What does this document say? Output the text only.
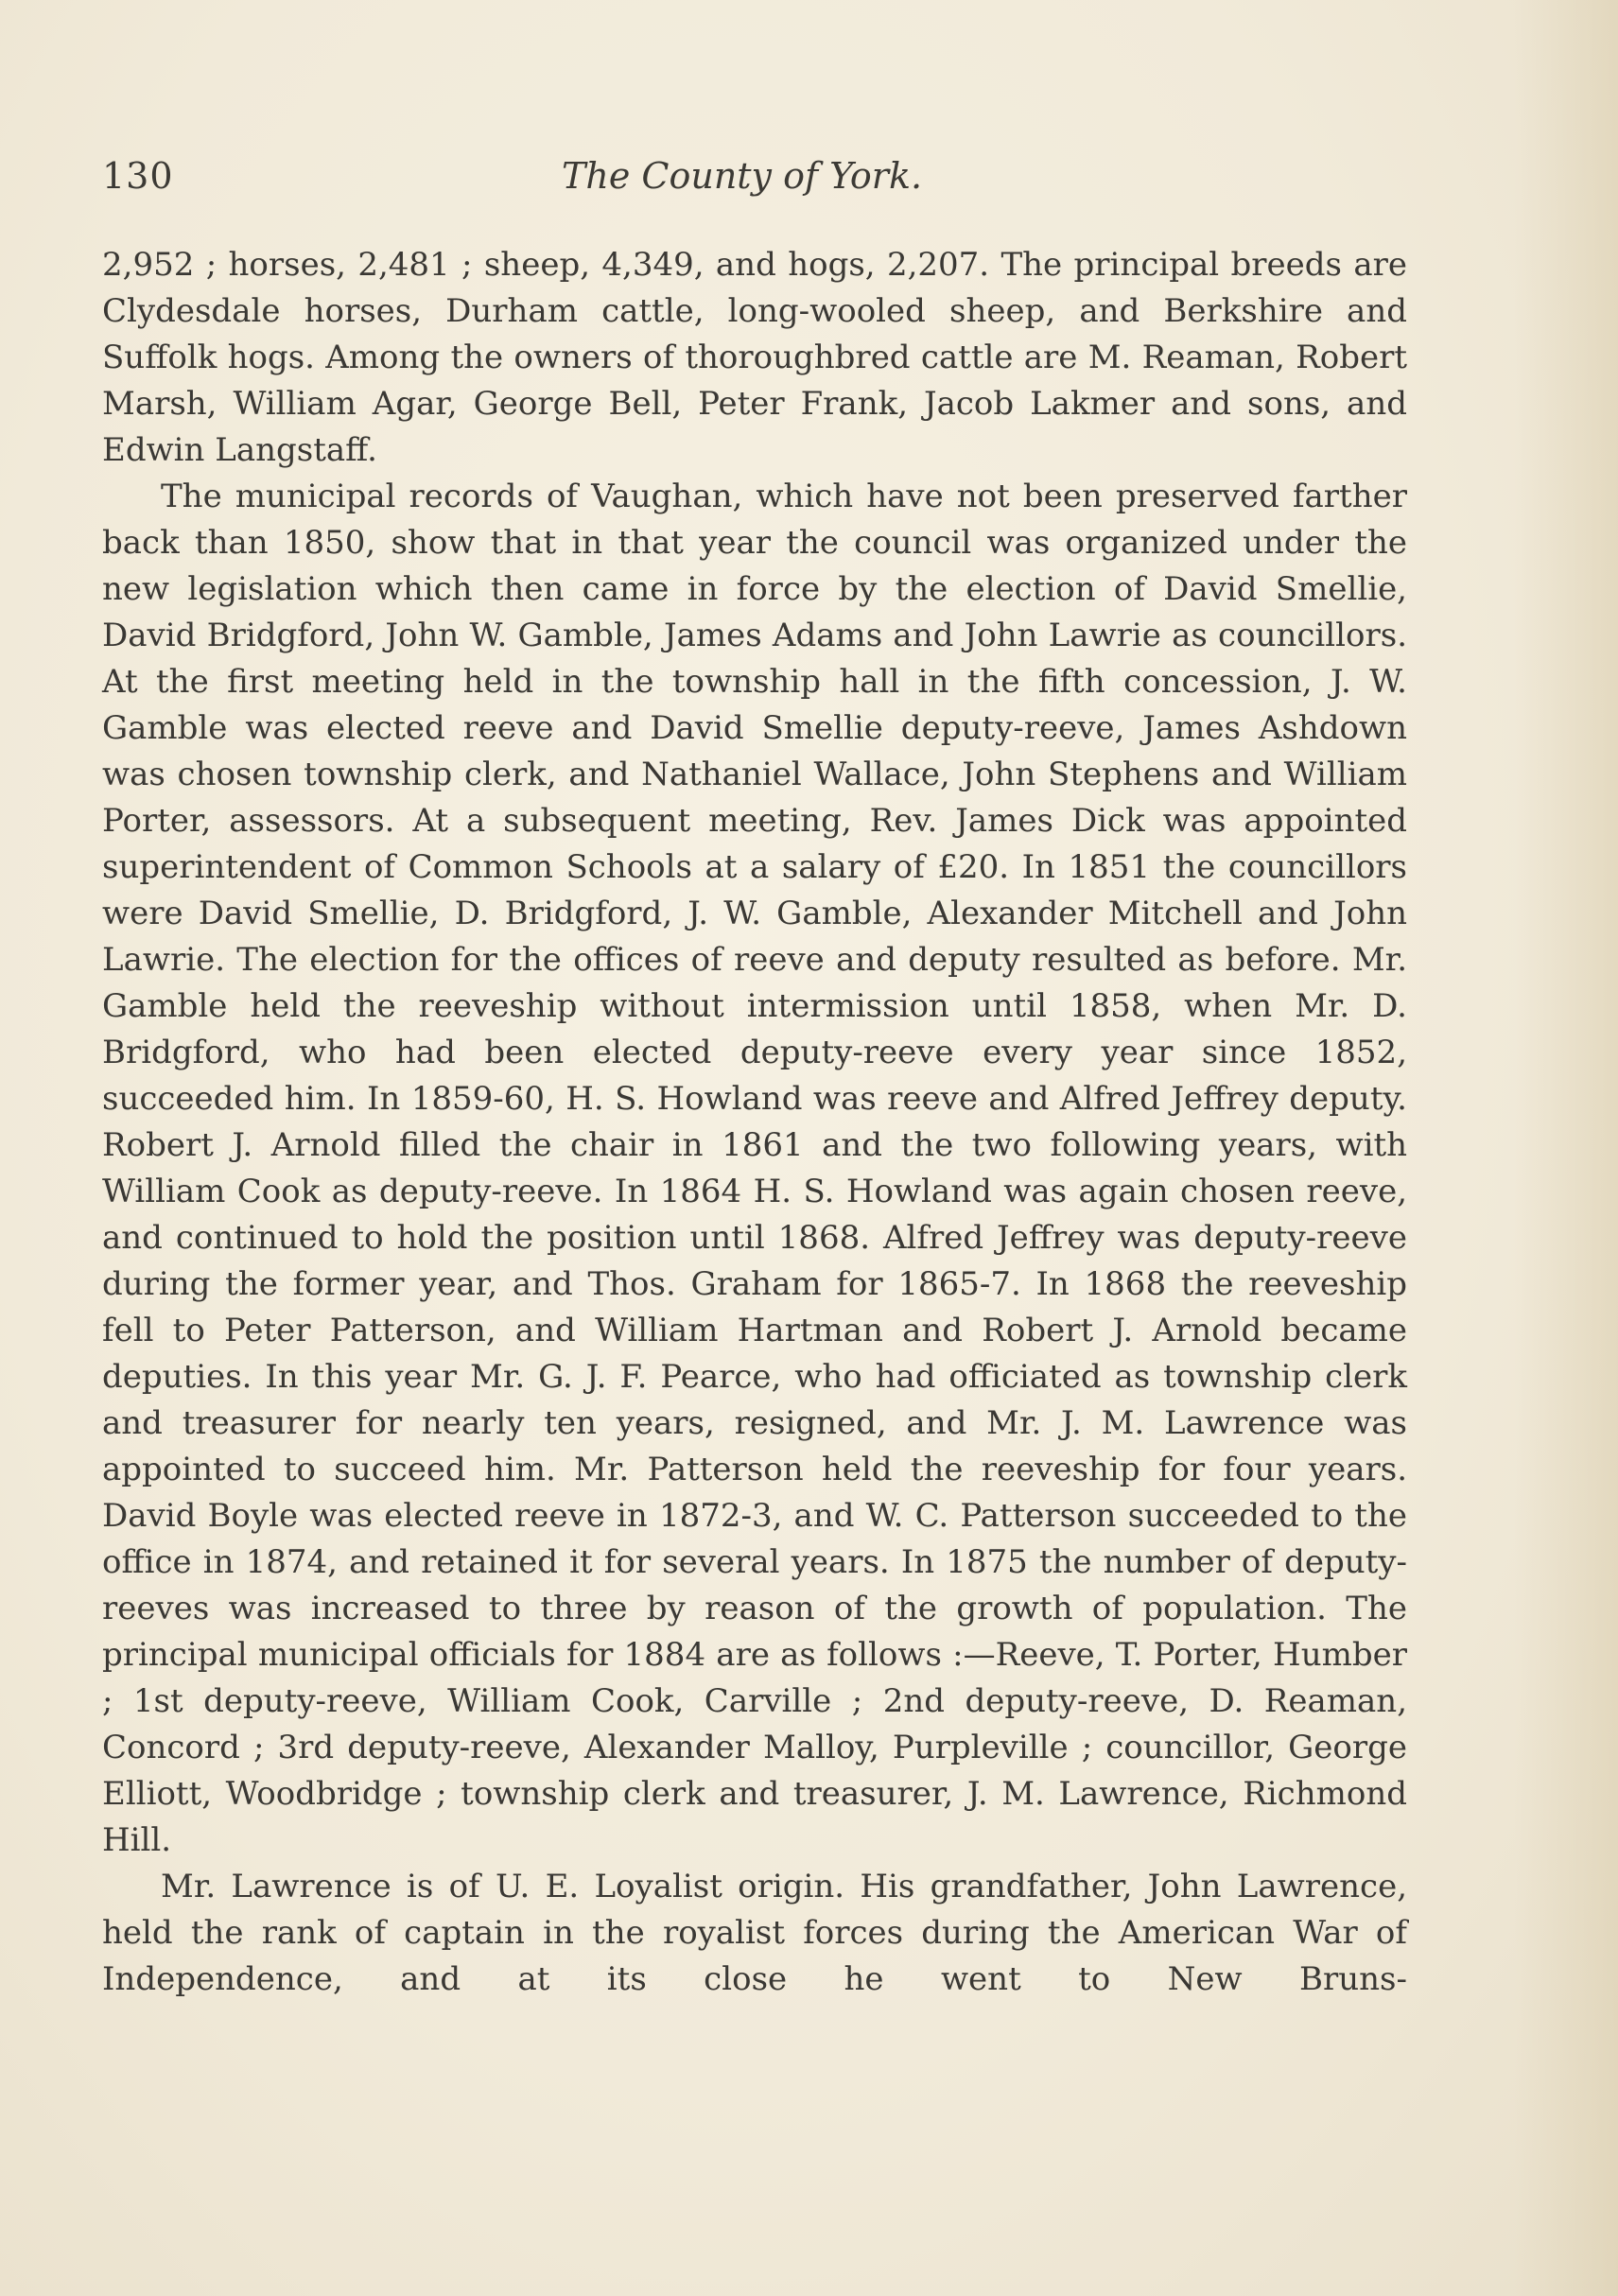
130	The County of York.

2,952 ; horses, 2,481 ; sheep, 4,349, and hogs, 2,207. The principal breeds are Clydesdale horses, Durham cattle, long-wooled sheep, and Berkshire and Suffolk hogs. Among the owners of thoroughbred cattle are M. Reaman, Robert Marsh, William Agar, George Bell, Peter Frank, Jacob Lakmer and sons, and Edwin Langstaff.

The municipal records of Vaughan, which have not been preserved farther back than 1850, show that in that year the council was organized under the new legislation which then came in force by the election of David Smellie, David Bridgford, John W. Gamble, James Adams and John Lawrie as councillors. At the first meeting held in the township hall in the fifth concession, J. W. Gamble was elected reeve and David Smellie deputy-reeve, James Ashdown was chosen township clerk, and Nathaniel Wallace, John Stephens and William Porter, assessors. At a subsequent meeting, Rev. James Dick was appointed superintendent of Common Schools at a salary of £20. In 1851 the councillors were David Smellie, D. Bridgford, J. W. Gamble, Alexander Mitchell and John Lawrie. The election for the offices of reeve and deputy resulted as before. Mr. Gamble held the reeveship without intermission until 1858, when Mr. D. Bridgford, who had been elected deputy-reeve every year since 1852, succeeded him. In 1859-60, H. S. Howland was reeve and Alfred Jeffrey deputy. Robert J. Arnold filled the chair in 1861 and the two following years, with William Cook as deputy-reeve. In 1864 H. S. Howland was again chosen reeve, and continued to hold the position until 1868. Alfred Jeffrey was deputy-reeve during the former year, and Thos. Graham for 1865-7. In 1868 the reeveship fell to Peter Patterson, and William Hartman and Robert J. Arnold became deputies. In this year Mr. G. J. F. Pearce, who had officiated as township clerk and treasurer for nearly ten years, resigned, and Mr. J. M. Lawrence was appointed to succeed him. Mr. Patterson held the reeveship for four years. David Boyle was elected reeve in 1872-3, and W. C. Patterson succeeded to the office in 1874, and retained it for several years. In 1875 the number of deputy-reeves was increased to three by reason of the growth of population. The principal municipal officials for 1884 are as follows :—Reeve, T. Porter, Humber ; 1st deputy-reeve, William Cook, Carville ; 2nd deputy-reeve, D. Reaman, Concord ; 3rd deputy-reeve, Alexander Malloy, Purpleville ; councillor, George Elliott, Woodbridge ; township clerk and treasurer, J. M. Lawrence, Richmond Hill.

Mr. Lawrence is of U. E. Loyalist origin. His grandfather, John Lawrence, held the rank of captain in the royalist forces during the American War of Independence, and at its close he went to New Bruns-
